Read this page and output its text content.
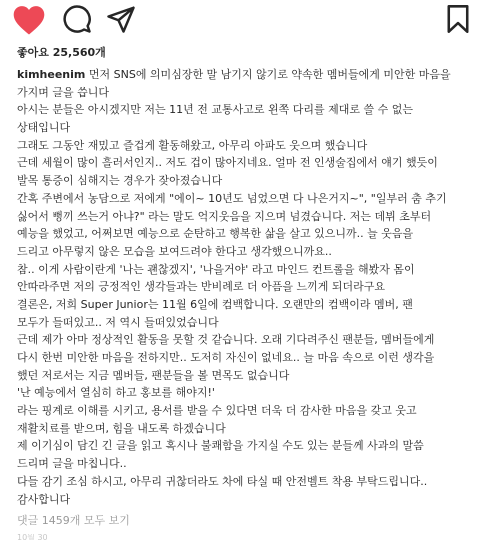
좋아요 25,560개
kimheenim 먼저 SNS에 의미심장한 말 남기지 않기로 약속한 멤버들에게 미안한 마음을
가지며 글을 씁니다
아시는 분들은 아시겠지만 저는 11년 전 교통사고로 왼쪽 다리를 제대로 쓸 수 없는
상태입니다
그래도 그동안 재밌고 즐겁게 활동해왔고, 아무리 아파도 웃으며 했습니다
근데 세월이 많이 흘러서인지.. 저도 겁이 많아지네요. 얼마 전 인생술집에서 얘기 했듯이
발목 통증이 심해지는 경우가 잦아졌습니다
간혹 주변에서 농담으로 저에게 "에이~ 10년도 넘었으면 다 나은거지~", "일부러 춤 추기
싫어서 뻥끼 쓰는거 아냐?" 라는 말도 억지웃음을 지으며 넘겼습니다. 저는 데뷔 초부터
예능을 했었고, 어쩌보면 예능으로 순탄하고 행복한 삶을 살고 있으니까.. 늘 웃음을
드리고 아무렇지 않은 모습을 보여드려야 한다고 생각했으니까요..
참.. 이게 사람이란게 '나는 괜찮겠지', '나을거야' 라고 마인드 컨트롤을 해봤자 몸이
안따라주면 저의 긍정적인 생각들과는 반비례로 더 아픔을 느끼게 되더라구요
결론은, 저희 Super Junior는 11월 6일에 컴백합니다. 오랜만의 컴백이라 멤버, 팬
모두가 들떠있고.. 저 역시 들떠있었습니다
근데 제가 아마 정상적인 활동을 못할 것 같습니다. 오래 기다려주신 팬분들, 멤버들에게
다시 한번 미안한 마음을 전하지만.. 도저히 자신이 없네요.. 늘 마음 속으로 이런 생각을
했던 저로서는 지금 멤버들, 팬분들을 볼 면목도 없습니다
'난 예능에서 열심히 하고 홍보를 해야지!'
라는 핑계로 이해를 시키고, 용서를 받을 수 있다면 더욱 더 감사한 마음을 갖고 웃고
재활치료를 받으며, 힘을 내도록 하겠습니다
제 이기심이 담긴 긴 글을 읽고 혹시나 불쾌함을 가지실 수도 있는 분들께 사과의 말씀
드리며 글을 마칩니다..
다들 감기 조심 하시고, 아무리 귀찮더라도 차에 타실 때 안전벨트 착용 부탁드립니다..
감사합니다
댓글 1459개 모두 보기
10월 30
